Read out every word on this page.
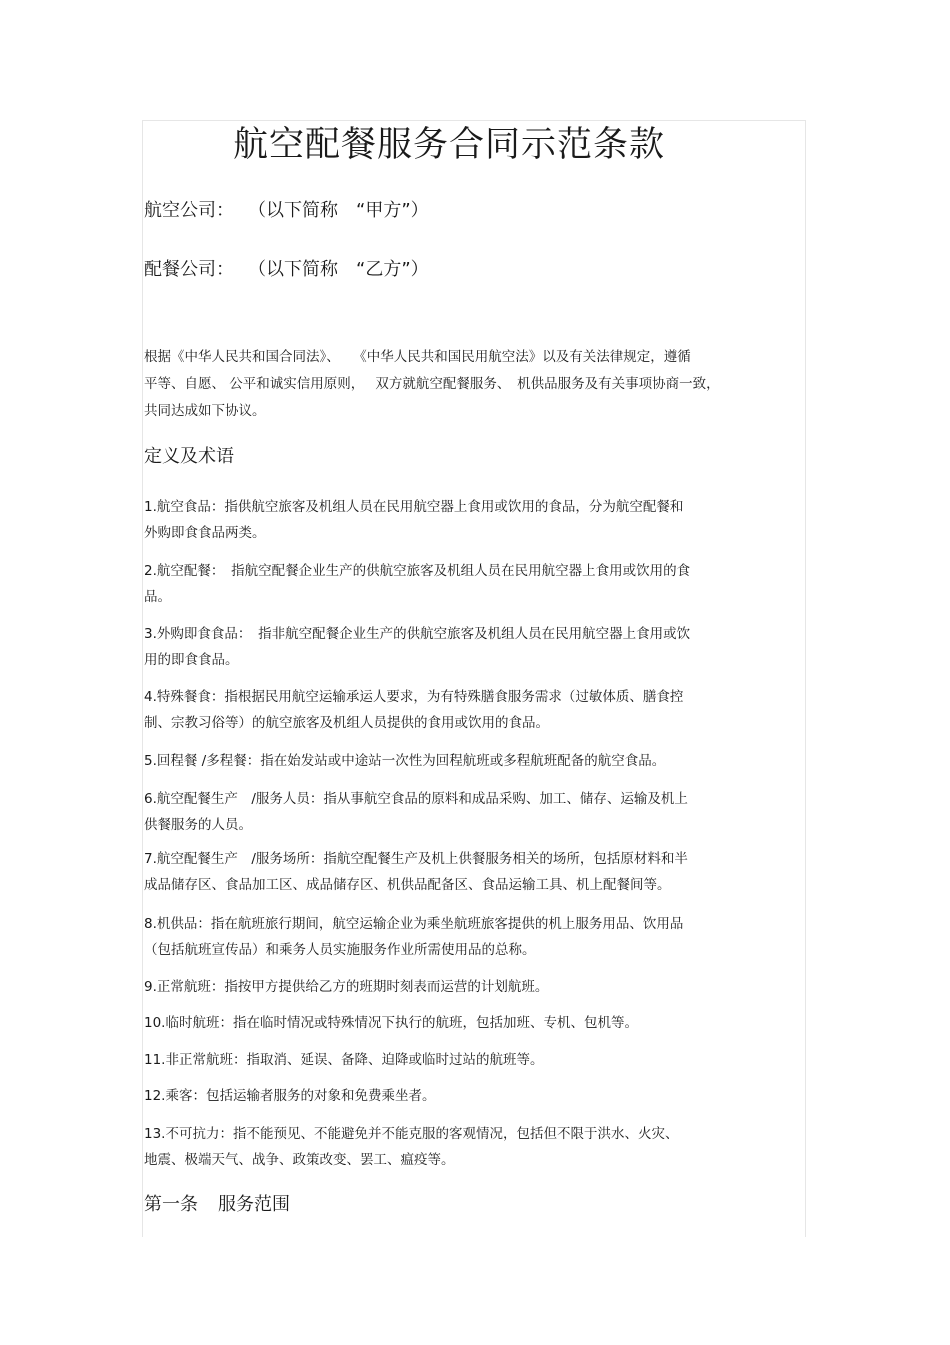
航空配餐服务合同示范条款
航空公司： （以下简称　“甲方”）
配餐公司： （以下简称　“乙方”）
根据《中华人民共和国合同法》、　　《中华人民共和国民用航空法》以及有关法律规定，遵循
平等、自愿、 公平和诚实信用原则，　 双方就航空配餐服务、　机供品服务及有关事项协商一致，
共同达成如下协议。
定义及术语
1.航空食品：指供航空旅客及机组人员在民用航空器上食用或饮用的食品，分为航空配餐和
外购即食食品两类。
2.航空配餐：　指航空配餐企业生产的供航空旅客及机组人员在民用航空器上食用或饮用的食
品。
3.外购即食食品：　指非航空配餐企业生产的供航空旅客及机组人员在民用航空器上食用或饮
用的即食食品。
4.特殊餐食：指根据民用航空运输承运人要求，为有特殊膳食服务需求（过敏体质、膳食控
制、宗教习俗等）的航空旅客及机组人员提供的食用或饮用的食品。
5.回程餐 /多程餐：指在始发站或中途站一次性为回程航班或多程航班配备的航空食品。
6.航空配餐生产　/服务人员：指从事航空食品的原料和成品采购、加工、储存、运输及机上
供餐服务的人员。
7.航空配餐生产　/服务场所：指航空配餐生产及机上供餐服务相关的场所，包括原材料和半
成品储存区、食品加工区、成品储存区、机供品配备区、食品运输工具、机上配餐间等。
8.机供品：指在航班旅行期间，航空运输企业为乘坐航班旅客提供的机上服务用品、饮用品
（包括航班宣传品）和乘务人员实施服务作业所需使用品的总称。
9.正常航班：指按甲方提供给乙方的班期时刻表而运营的计划航班。
10.临时航班：指在临时情况或特殊情况下执行的航班，包括加班、专机、包机等。
11.非正常航班：指取消、延误、备降、迫降或临时过站的航班等。
12.乘客：包括运输者服务的对象和免费乘坐者。
13.不可抗力：指不能预见、不能避免并不能克服的客观情况，包括但不限于洪水、火灾、
地震、极端天气、战争、政策改变、罢工、瘟疫等。
第一条 服务范围
